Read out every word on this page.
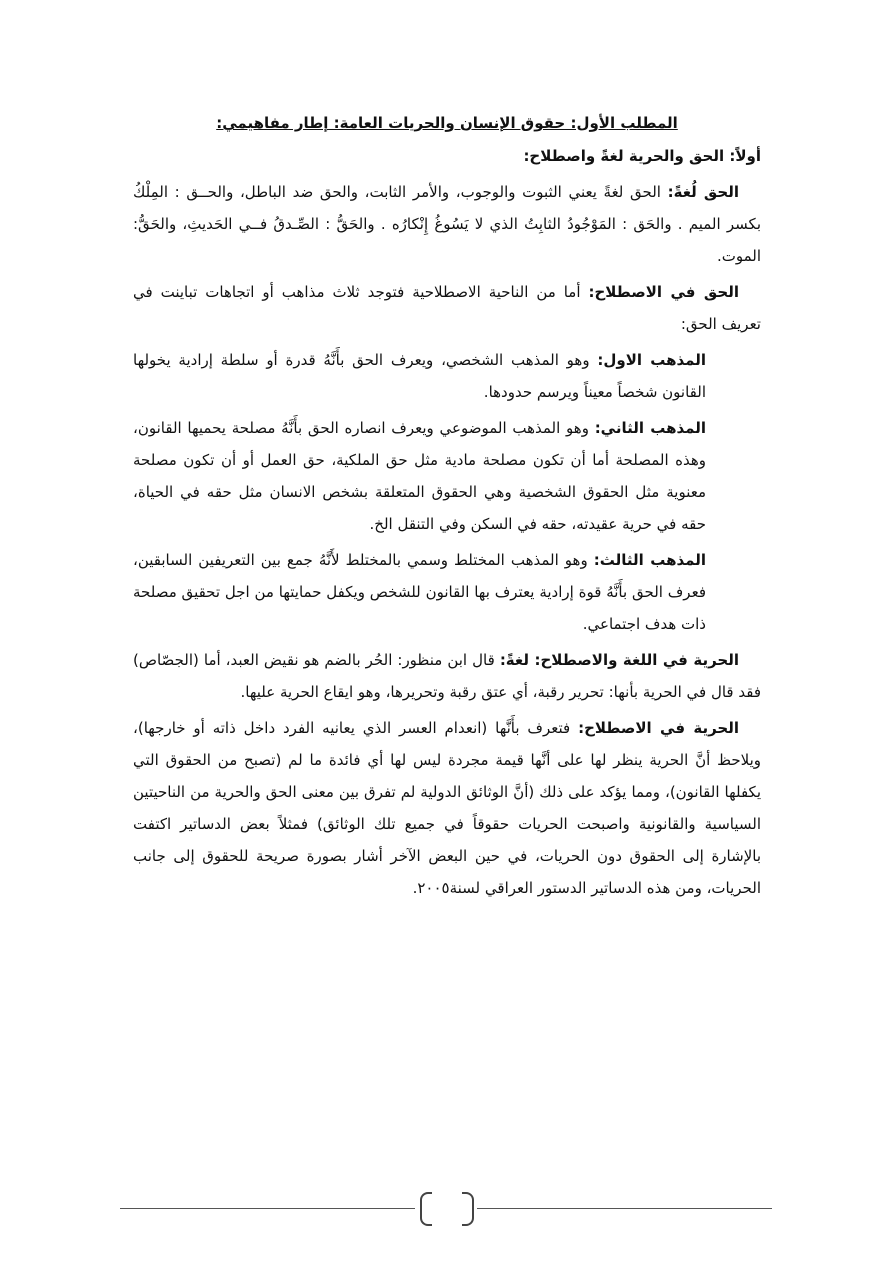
المطلب الأول: حقوق الإنسان والحريات العامة: إطار مفاهيمي:
أولاً: الحق والحرية لغةً واصطلاح:

الحق لُغةً: الحق لغةً يعني الثبوت والوجوب، والأمر الثابت، والحق ضد الباطل، والحــق : المِلْكُ بكسر الميم . والحَق : المَوْجُودُ الثابِتُ الذي لا يَسُوغُ إِنْكارُه . والحَقُّ : الصِّـدقُ فــي الحَديثِ، والحَقُّ: الموت.

الحق في الاصطلاح: أما من الناحية الاصطلاحية فتوجد ثلاث مذاهب أو اتجاهات تباينت في تعريف الحق:

المذهب الاول: وهو المذهب الشخصي، ويعرف الحق بأَنَّهُ قدرة أو سلطة إرادية يخولها القانون شخصاً معيناً ويرسم حدودها.

المذهب الثاني: وهو المذهب الموضوعي ويعرف انصاره الحق بأَنَّهُ مصلحة يحميها القانون، وهذه المصلحة أما أن تكون مصلحة مادية مثل حق الملكية، حق العمل أو أن تكون مصلحة معنوية مثل الحقوق الشخصية وهي الحقوق المتعلقة بشخص الانسان مثل حقه في الحياة، حقه في حرية عقيدته، حقه في السكن وفي التنقل الخ.

المذهب الثالث: وهو المذهب المختلط وسمي بالمختلط لأَنَّهُ جمع بين التعريفين السابقين، فعرف الحق بأَنَّهُ قوة إرادية يعترف بها القانون للشخص ويكفل حمايتها من اجل تحقيق مصلحة ذات هدف اجتماعي.

الحرية في اللغة والاصطلاح: لغةً: قال ابن منظور: الحُر بالضم هو نقيض العبد، أما (الجصّاص) فقد قال في الحرية بأنها: تحرير رقبة، أي عتق رقبة وتحريرها، وهو ايقاع الحرية عليها.

الحرية في الاصطلاح: فتعرف بأَنَّها (انعدام العسر الذي يعانيه الفرد داخل ذاته أو خارجها)، ويلاحظ أنَّ الحرية ينظر لها على أنَّها قيمة مجردة ليس لها أي فائدة ما لم (تصبح من الحقوق التي يكفلها القانون)، ومما يؤكد على ذلك (أنَّ الوثائق الدولية لم تفرق بين معنى الحق والحرية من الناحيتين السياسية والقانونية واصبحت الحريات حقوقاً في جميع تلك الوثائق) فمثلاً بعض الدساتير اكتفت بالإشارة إلى الحقوق دون الحريات، في حين البعض الآخر أشار بصورة صريحة للحقوق إلى جانب الحريات، ومن هذه الدساتير الدستور العراقي لسنة٢٠٠٥.
